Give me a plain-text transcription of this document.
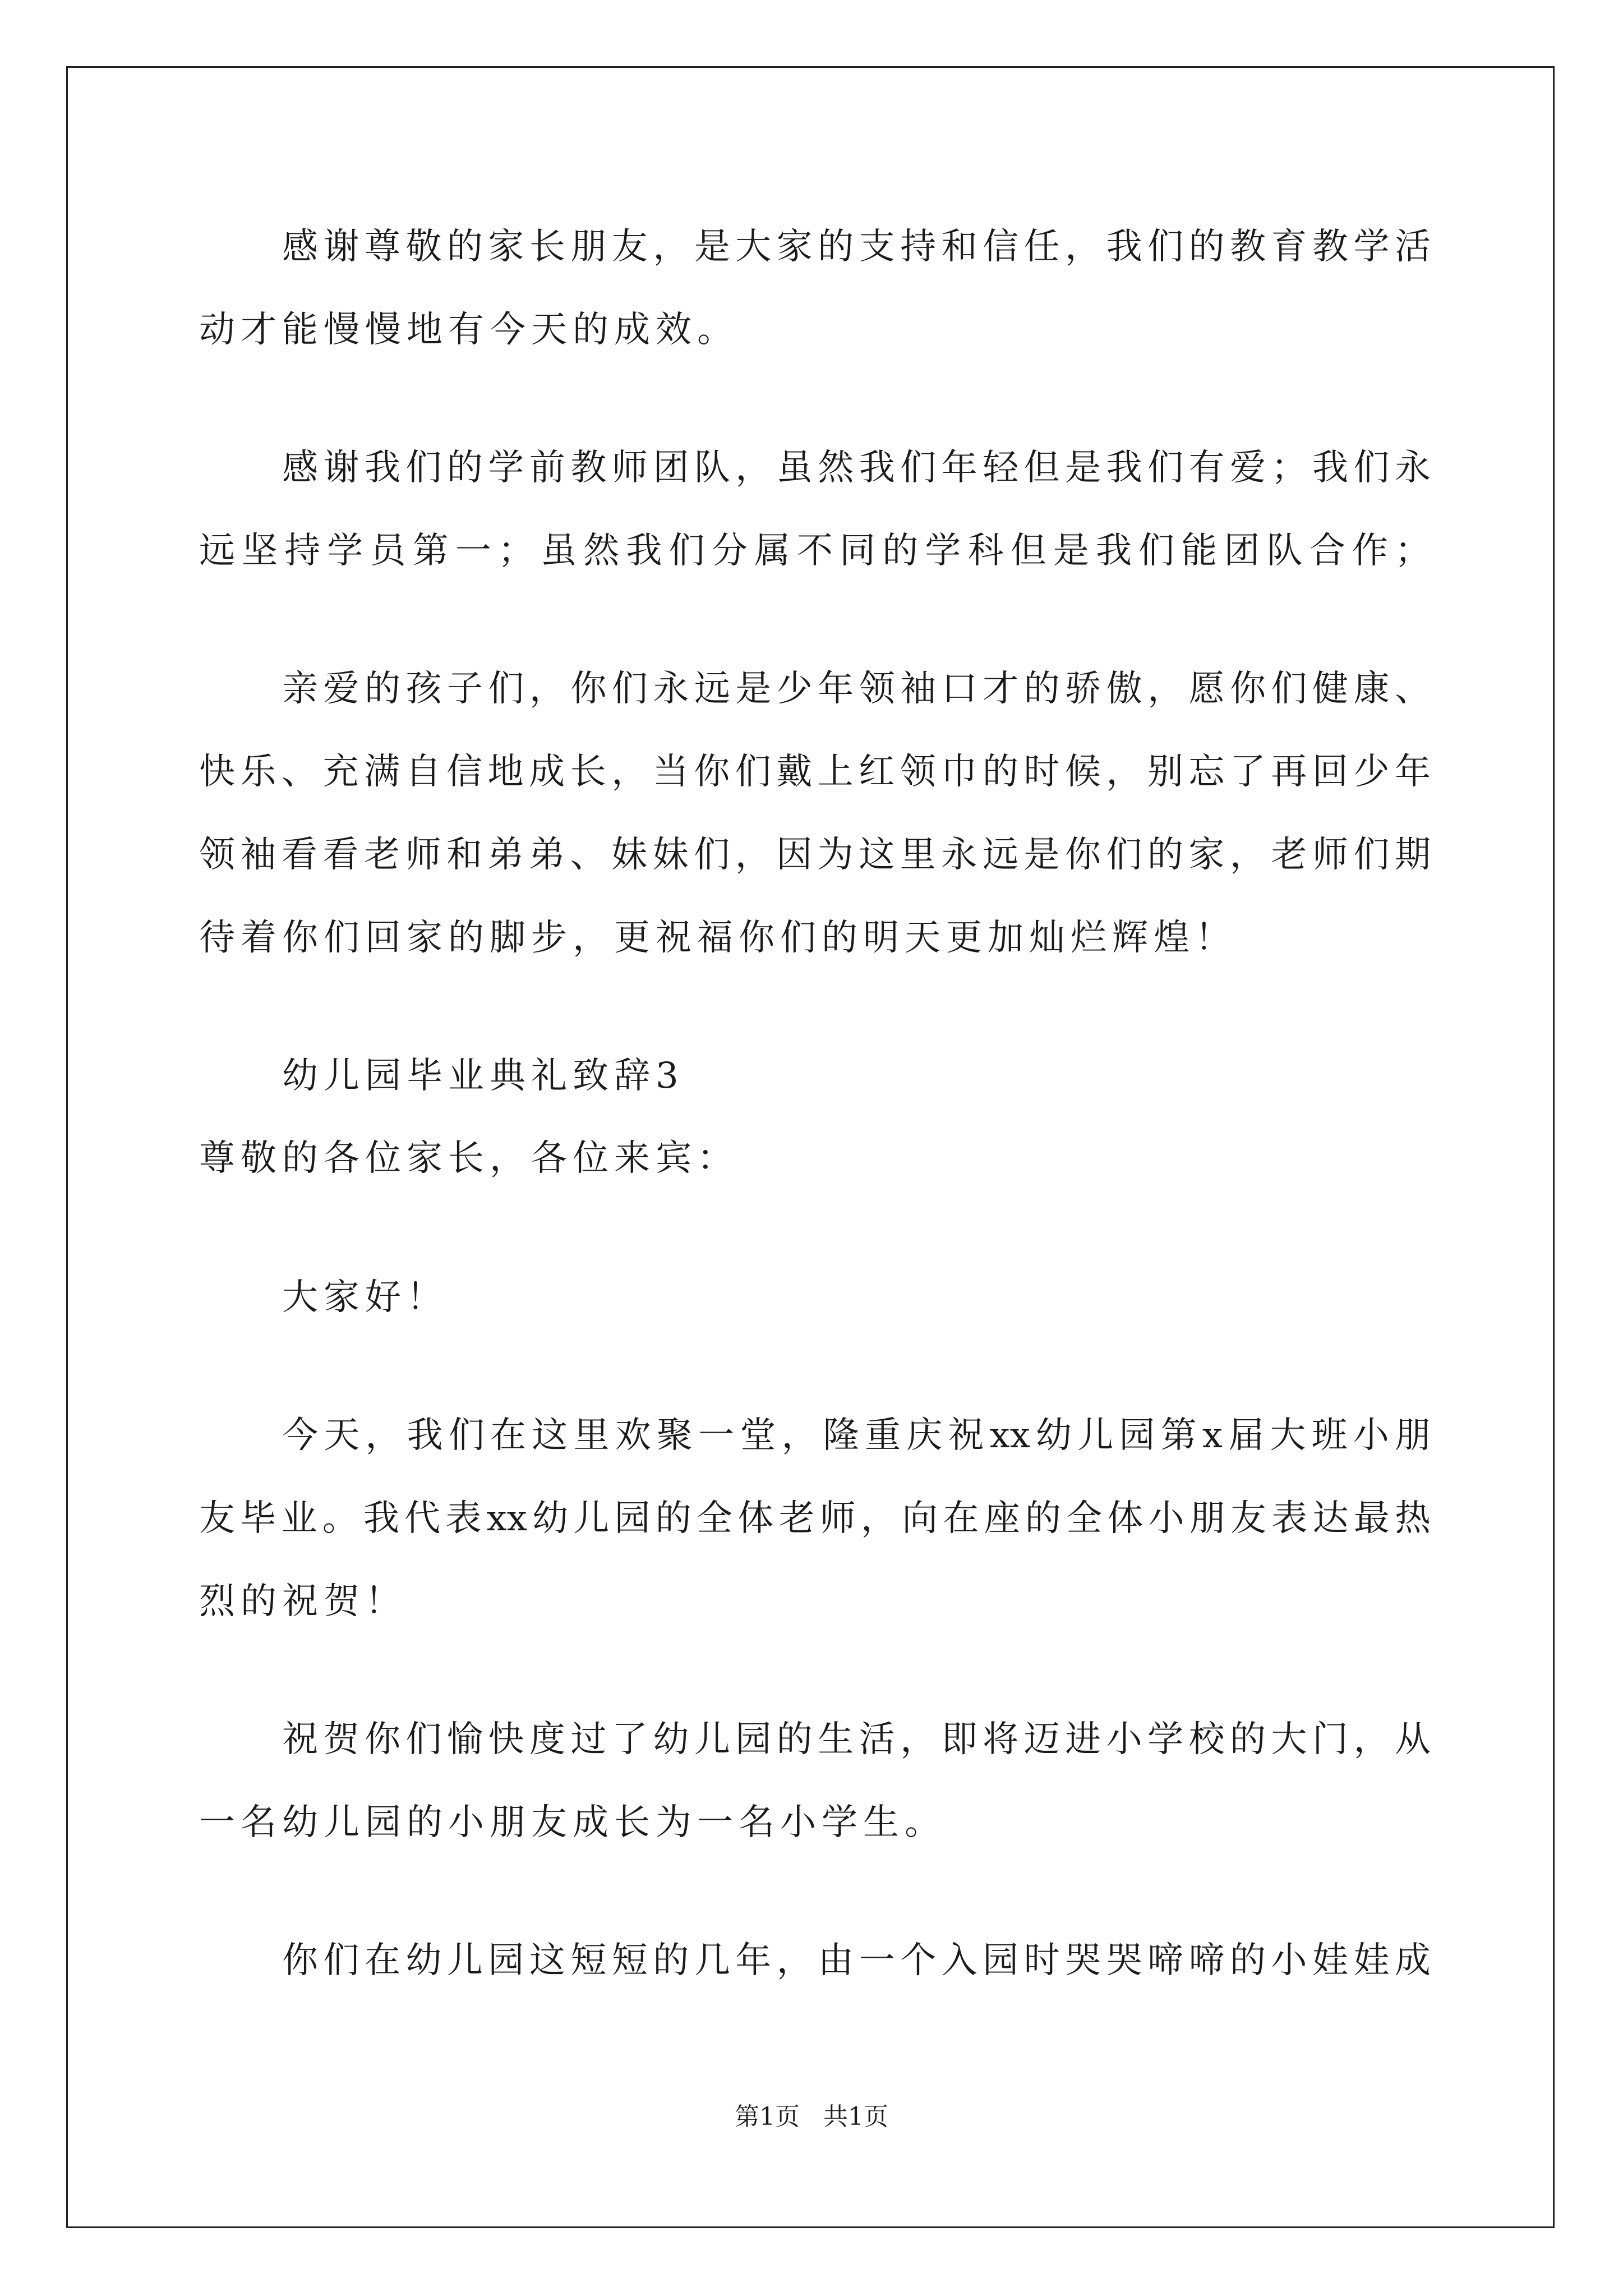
感谢尊敬的家长朋友，是大家的支持和信任，我们的教育教学活
动才能慢慢地有今天的成效。
感谢我们的学前教师团队，虽然我们年轻但是我们有爱；我们永
远坚持学员第一；虽然我们分属不同的学科但是我们能团队合作；
亲爱的孩子们，你们永远是少年领袖口才的骄傲，愿你们健康、
快乐、充满自信地成长，当你们戴上红领巾的时候，别忘了再回少年
领袖看看老师和弟弟、妹妹们，因为这里永远是你们的家，老师们期
待着你们回家的脚步，更祝福你们的明天更加灿烂辉煌！
幼儿园毕业典礼致辞3
尊敬的各位家长，各位来宾：
大家好！
今天，我们在这里欢聚一堂，隆重庆祝xx幼儿园第x届大班小朋
友毕业。我代表xx幼儿园的全体老师，向在座的全体小朋友表达最热
烈的祝贺！
祝贺你们愉快度过了幼儿园的生活，即将迈进小学校的大门，从
一名幼儿园的小朋友成长为一名小学生。
你们在幼儿园这短短的几年，由一个入园时哭哭啼啼的小娃娃成
第1页 共1页
